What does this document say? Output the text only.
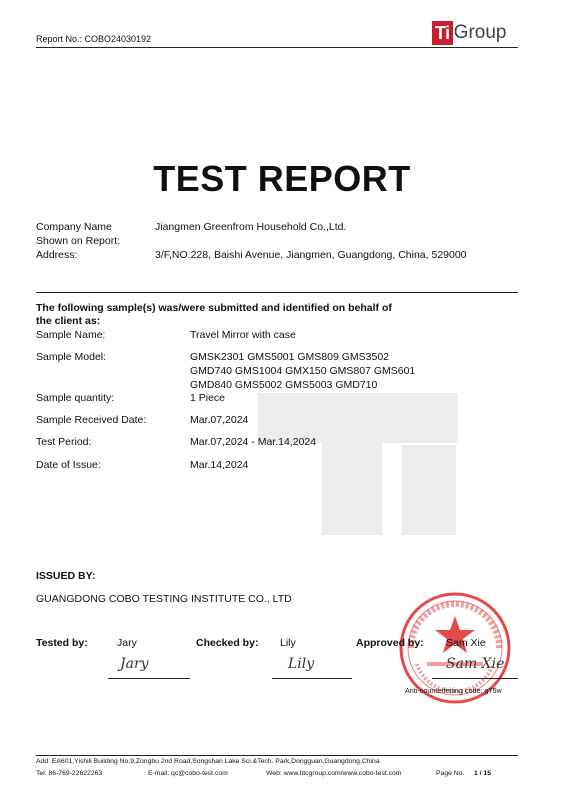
Report No.: COBO24030192	Ti Group
TEST REPORT
Company Name	Jiangmen Greenfrom Household Co.,Ltd.
Shown on Report:
Address:	3/F,NO.228, Baishi Avenue, Jiangmen, Guangdong, China, 529000
The following sample(s) was/were submitted and identified on behalf of
the client as:
Sample Name:	Travel Mirror with case
Sample Model:	GMSK2301 GMS5001 GMS809 GMS3502
GMD740 GMS1004 GMX150 GMS807 GMS601
GMD840 GMS5002 GMS5003 GMD710
Sample quantity:	1 Piece
Sample Received Date:	Mar.07,2024
Test Period:	Mar.07,2024 - Mar.14,2024
Date of Issue:	Mar.14,2024
ISSUED BY:
GUANGDONG COBO TESTING INSTITUTE CO., LTD
Tested by:	Jary
Jary
Checked by: Lily
Lily
Approved by: Sam Xie
Sam Xie
Anti-counterfeiting code: g75w
Add: EA601,Yishili Building No.9,Zongbu 2nd Road,Songshan Lake Sci.&Tech. Park,Dongguan,Guangdong,China
Tel: 86-769-22622263	E-mail: qc@cobo-test.com	Web: www.titcgroup.com/www.cobo-test.com	Page No. 1 / 15
